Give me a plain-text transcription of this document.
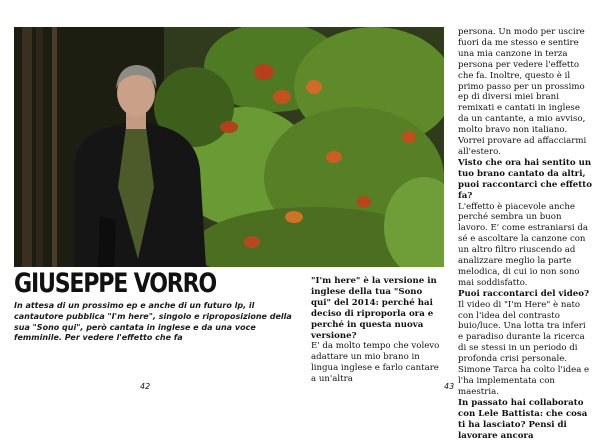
GIUSEPPE VORRO

In attesa di un prossimo ep e anche di un futuro lp, il cantautore pubblica "I'm here", singolo e riproposizione della sua "Sono qui", però cantata in inglese e da una voce femminile. Per vedere l'effetto che fa

"I'm here" è la versione in inglese della tua "Sono qui" del 2014: perché hai deciso di riproporla ora e perché in questa nuova versione?

E' da molto tempo che volevo adattare un mio brano in lingua inglese e farlo cantare a un'altra

persona. Un modo per uscire fuori da me stesso e sentire una mia canzone in terza persona per vedere l'effetto che fa. Inoltre, questo è il primo passo per un prossimo ep di diversi miei brani remixati e cantati in inglese da un cantante, a mio avviso, molto bravo non italiano. Vorrei provare ad affacciarmi all'estero.

Visto che ora hai sentito un tuo brano cantato da altri, puoi raccontarci che effetto fa?

L'effetto è piacevole anche perché sembra un buon lavoro. E' come estraniarsi da sé e ascoltare la canzone con un altro filtro riuscendo ad analizzare meglio la parte melodica, di cui io non sono mai soddisfatto.

Puoi raccontarci del video?

Il video di "I'm Here" è nato con l'idea del contrasto buio/luce. Una lotta tra inferi e paradiso durante la ricerca di se stessi in un periodo di profonda crisi personale. Simone Tarca ha colto l'idea e l'ha implementata con maestria.

In passato hai collaborato con Lele Battista: che cosa ti ha lasciato? Pensi di lavorare ancora

42	43
